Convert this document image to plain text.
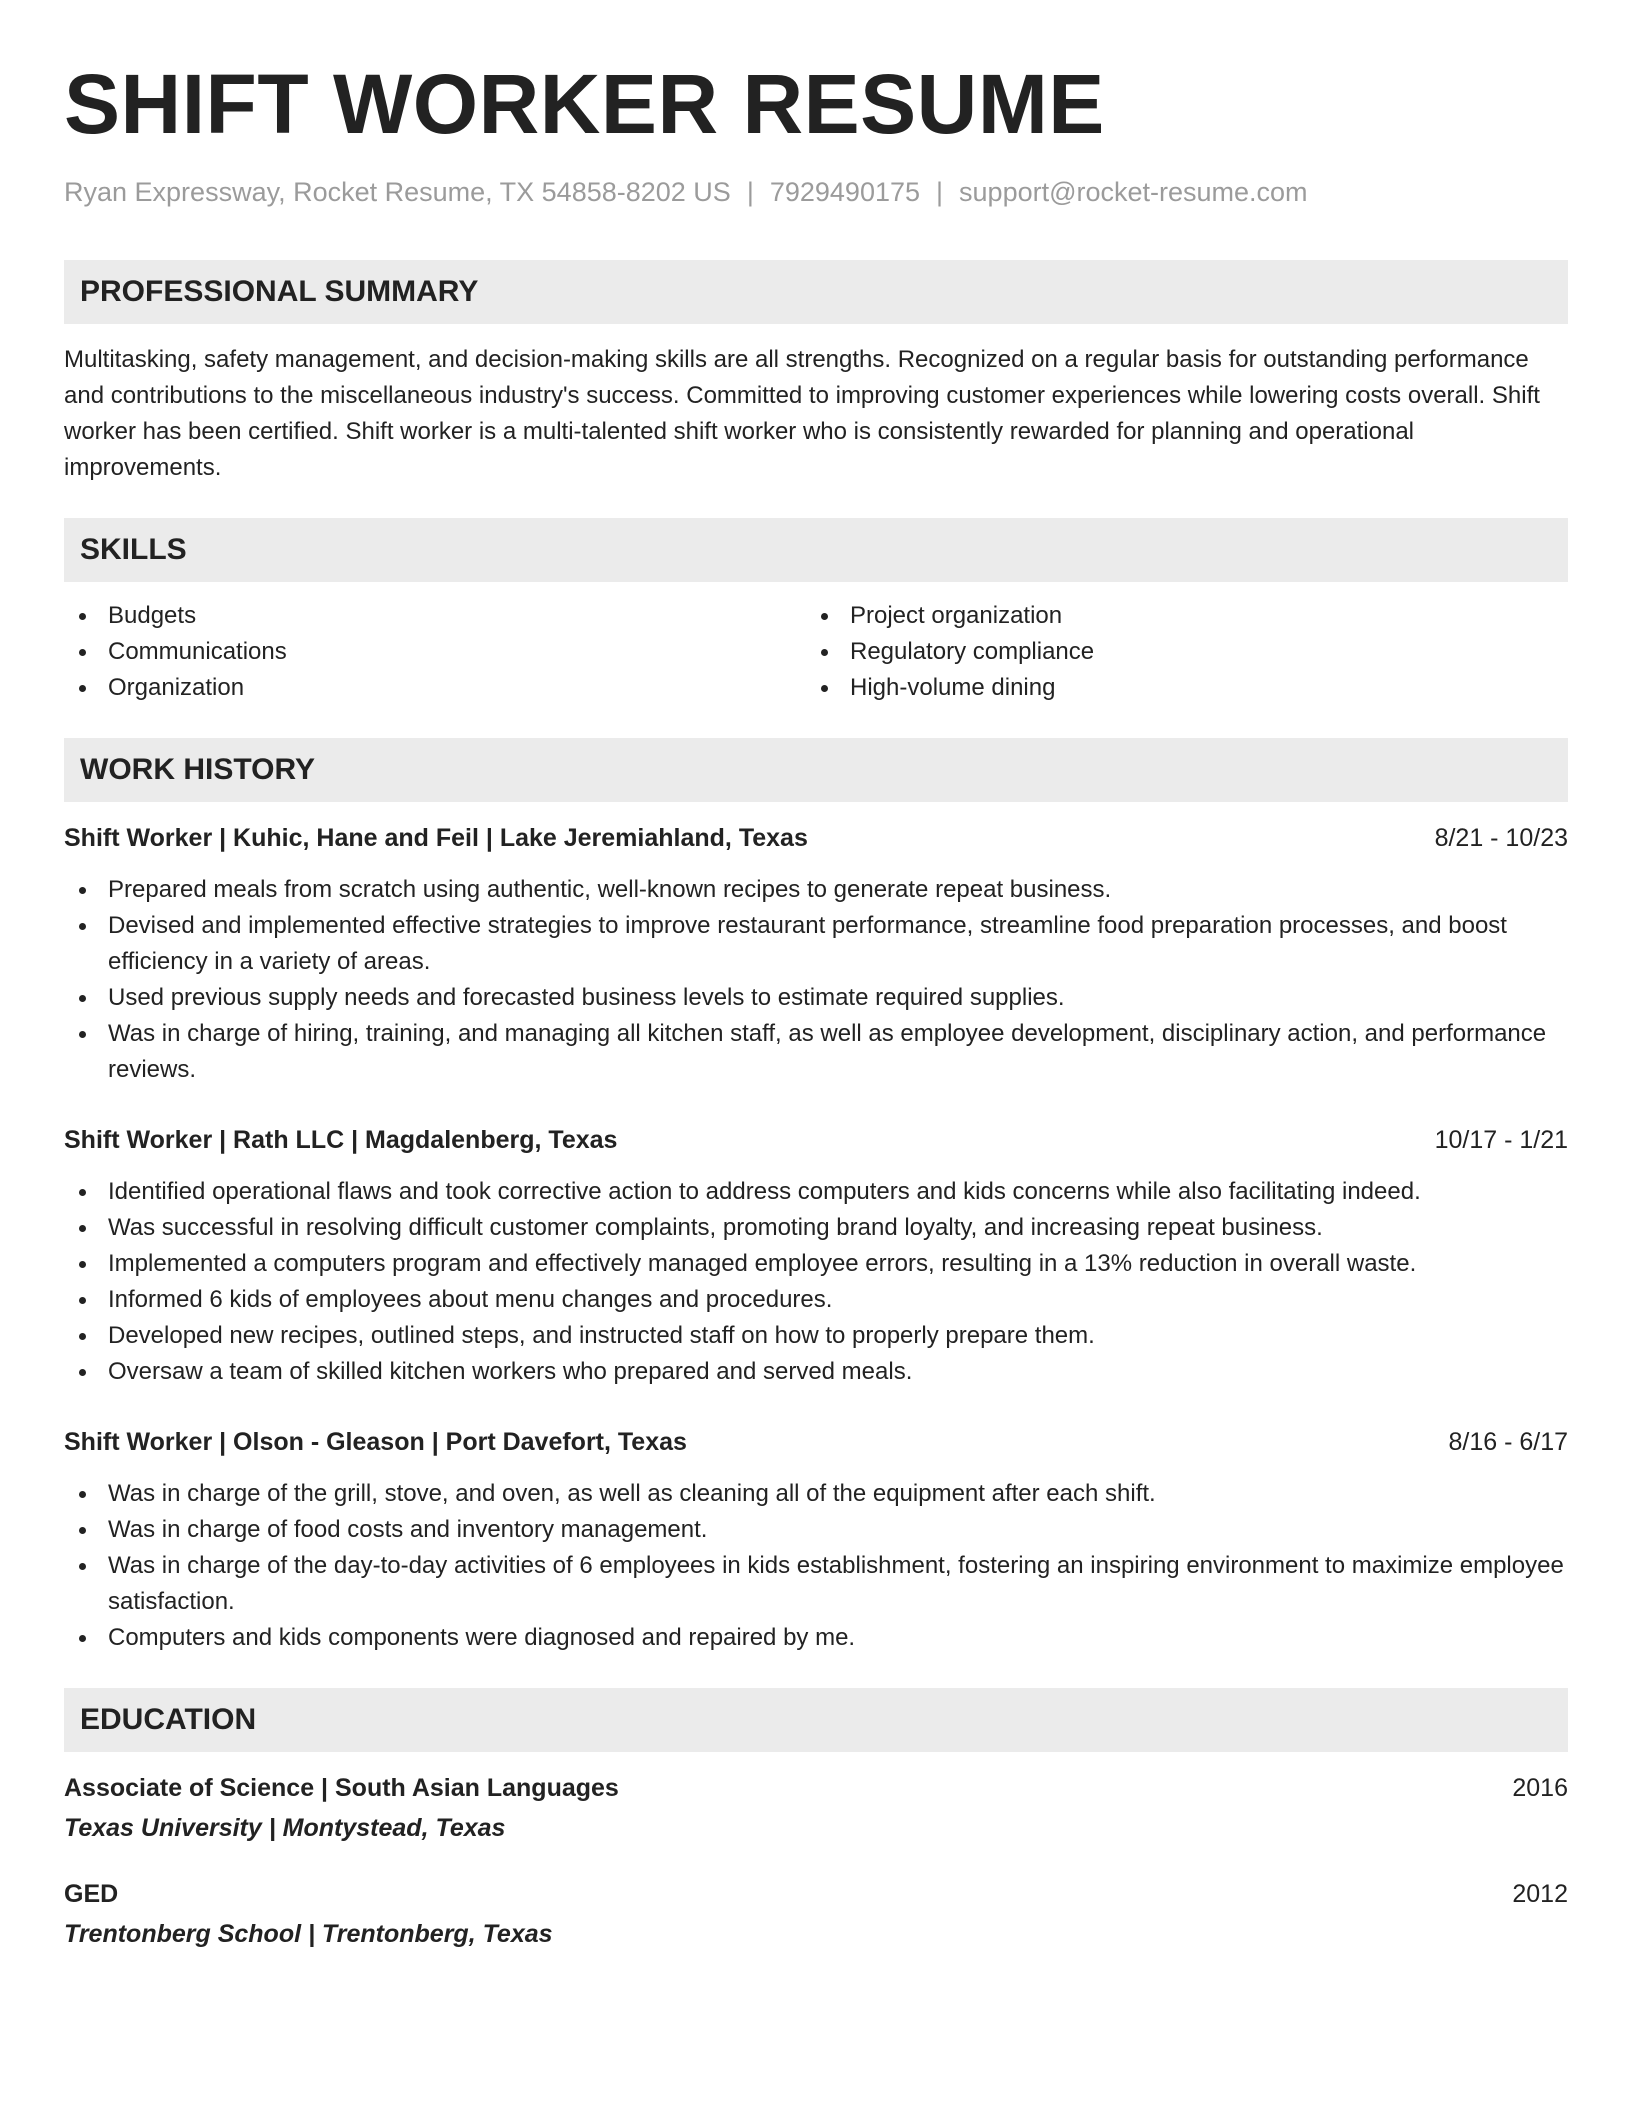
SHIFT WORKER RESUME
Ryan Expressway, Rocket Resume, TX 54858-8202 US | 7929490175 | support@rocket-resume.com
PROFESSIONAL SUMMARY
Multitasking, safety management, and decision-making skills are all strengths. Recognized on a regular basis for outstanding performance and contributions to the miscellaneous industry's success. Committed to improving customer experiences while lowering costs overall. Shift worker has been certified. Shift worker is a multi-talented shift worker who is consistently rewarded for planning and operational improvements.
SKILLS
Budgets
Communications
Organization
Project organization
Regulatory compliance
High-volume dining
WORK HISTORY
Shift Worker | Kuhic, Hane and Feil | Lake Jeremiahland, Texas	8/21 - 10/23
Prepared meals from scratch using authentic, well-known recipes to generate repeat business.
Devised and implemented effective strategies to improve restaurant performance, streamline food preparation processes, and boost efficiency in a variety of areas.
Used previous supply needs and forecasted business levels to estimate required supplies.
Was in charge of hiring, training, and managing all kitchen staff, as well as employee development, disciplinary action, and performance reviews.
Shift Worker | Rath LLC | Magdalenberg, Texas	10/17 - 1/21
Identified operational flaws and took corrective action to address computers and kids concerns while also facilitating indeed.
Was successful in resolving difficult customer complaints, promoting brand loyalty, and increasing repeat business.
Implemented a computers program and effectively managed employee errors, resulting in a 13% reduction in overall waste.
Informed 6 kids of employees about menu changes and procedures.
Developed new recipes, outlined steps, and instructed staff on how to properly prepare them.
Oversaw a team of skilled kitchen workers who prepared and served meals.
Shift Worker | Olson - Gleason | Port Davefort, Texas	8/16 - 6/17
Was in charge of the grill, stove, and oven, as well as cleaning all of the equipment after each shift.
Was in charge of food costs and inventory management.
Was in charge of the day-to-day activities of 6 employees in kids establishment, fostering an inspiring environment to maximize employee satisfaction.
Computers and kids components were diagnosed and repaired by me.
EDUCATION
Associate of Science | South Asian Languages	2016
Texas University | Montystead, Texas
GED	2012
Trentonberg School | Trentonberg, Texas
